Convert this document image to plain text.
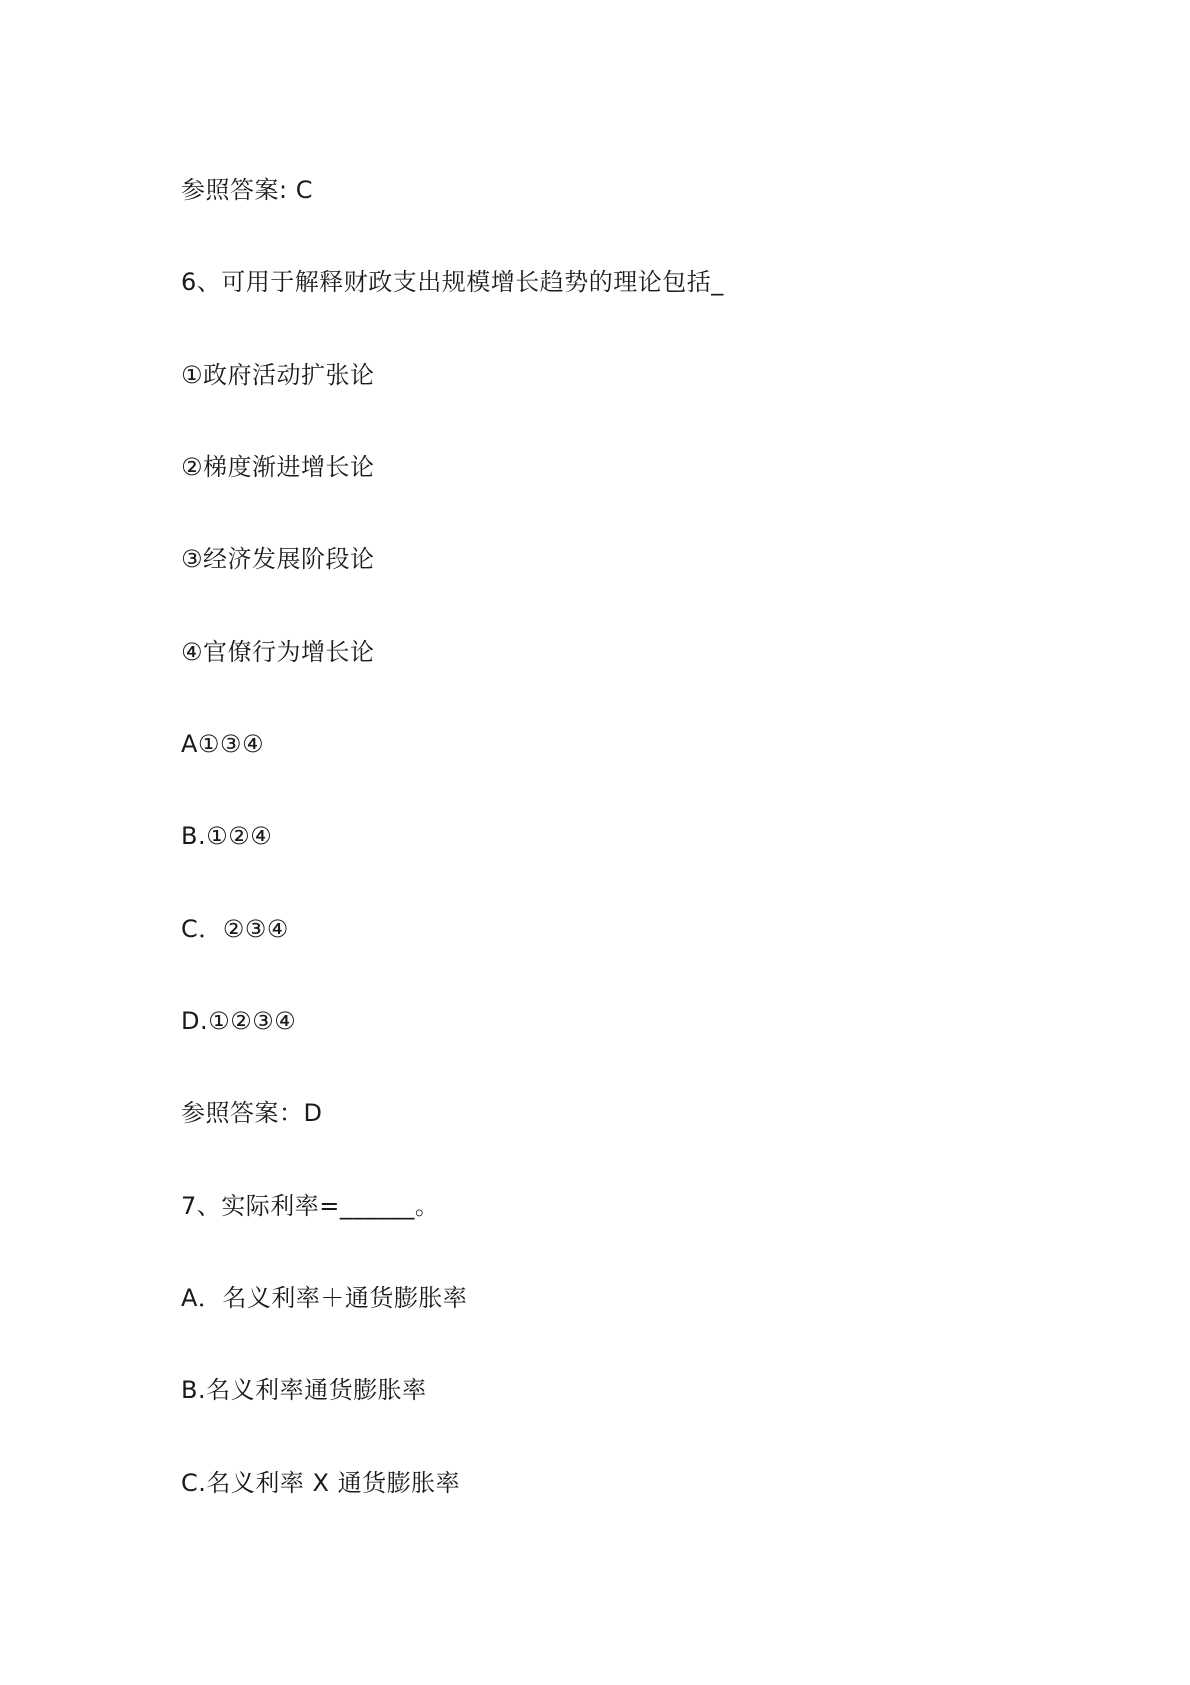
参照答案: C
6、可用于解释财政支出规模增长趋势的理论包括_
①政府活动扩张论
②梯度渐进增长论
③经济发展阶段论
④官僚行为增长论
A①③④
B.①②④
C．②③④
D.①②③④
参照答案：D
7、实际利率=______。
A．名义利率＋通货膨胀率
B.名义利率通货膨胀率
C.名义利率 X 通货膨胀率
